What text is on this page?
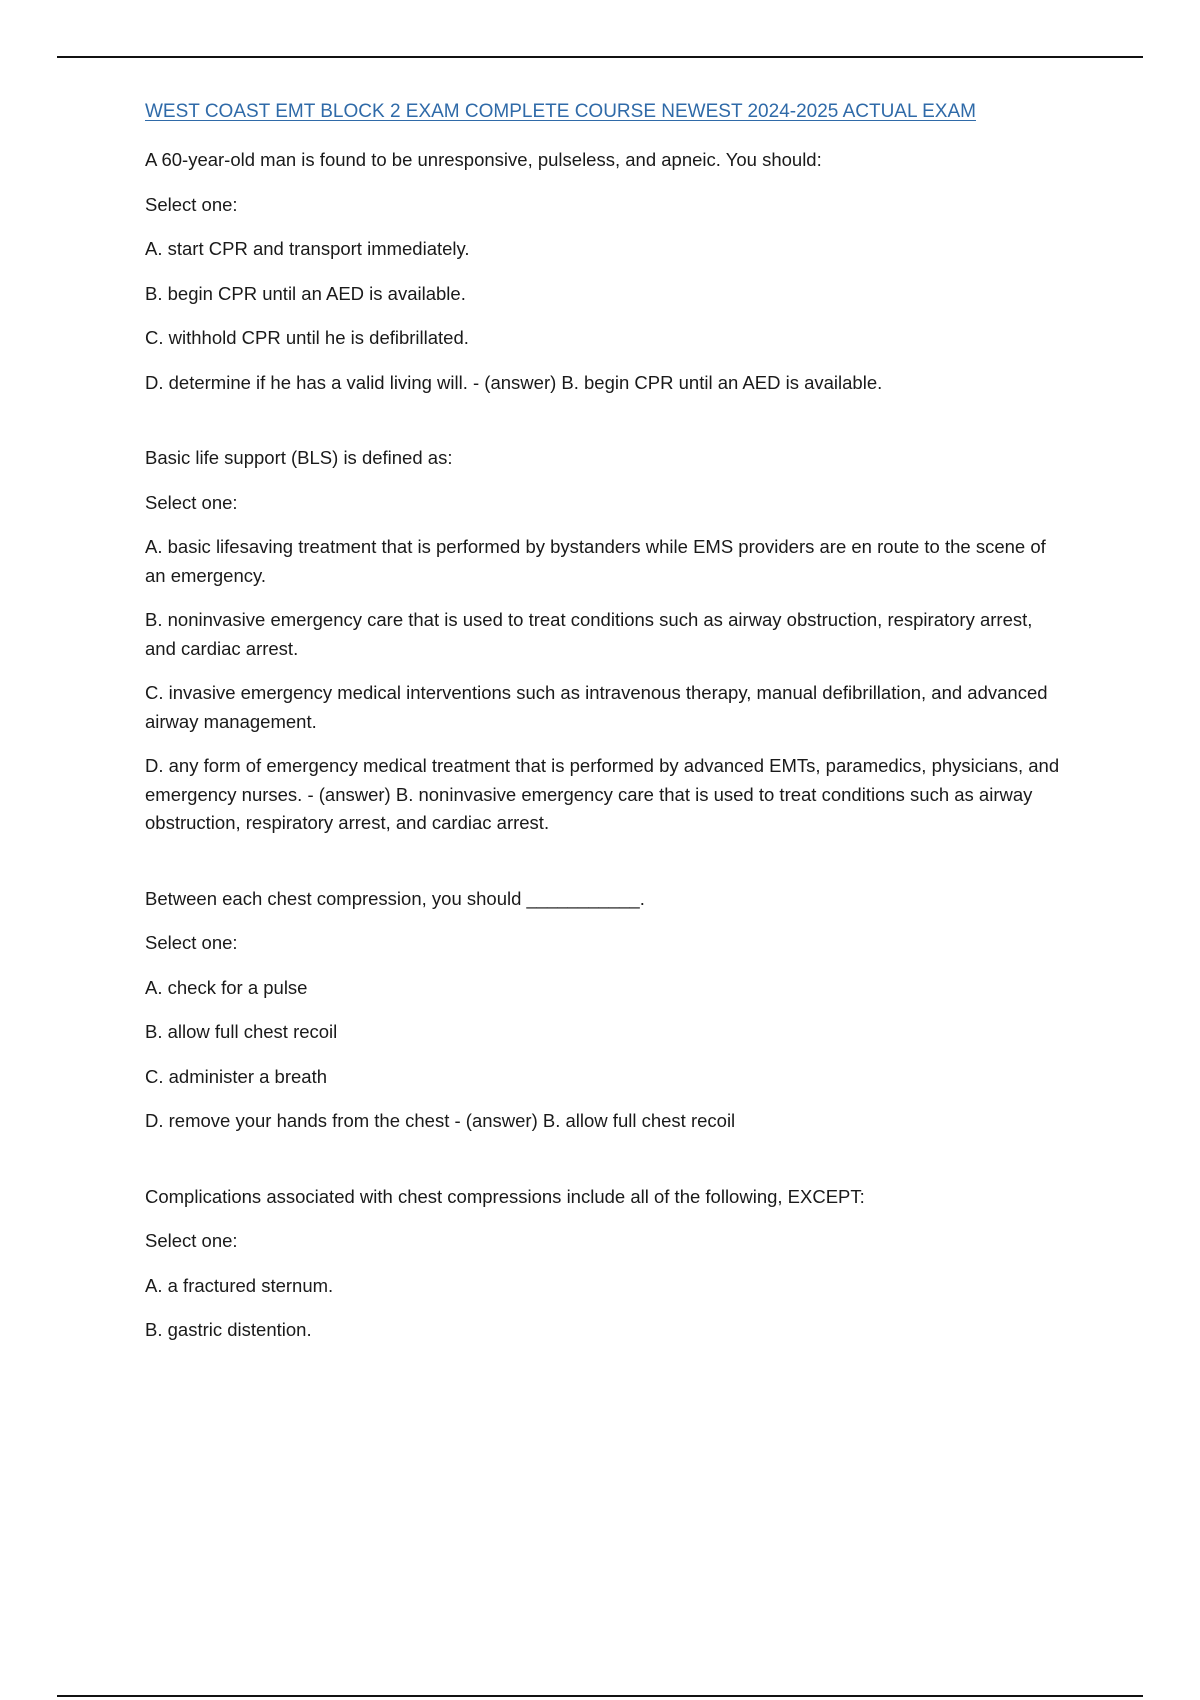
WEST COAST EMT BLOCK 2 EXAM COMPLETE COURSE NEWEST 2024-2025 ACTUAL EXAM

A 60-year-old man is found to be unresponsive, pulseless, and apneic. You should:

Select one:

A. start CPR and transport immediately.

B. begin CPR until an AED is available.

C. withhold CPR until he is defibrillated.

D. determine if he has a valid living will. - (answer) B. begin CPR until an AED is available.

Basic life support (BLS) is defined as:

Select one:

A. basic lifesaving treatment that is performed by bystanders while EMS providers are en route to the scene of an emergency.

B. noninvasive emergency care that is used to treat conditions such as airway obstruction, respiratory arrest, and cardiac arrest.

C. invasive emergency medical interventions such as intravenous therapy, manual defibrillation, and advanced airway management.

D. any form of emergency medical treatment that is performed by advanced EMTs, paramedics, physicians, and emergency nurses. - (answer) B. noninvasive emergency care that is used to treat conditions such as airway obstruction, respiratory arrest, and cardiac arrest.

Between each chest compression, you should ___________.

Select one:

A. check for a pulse

B. allow full chest recoil

C. administer a breath

D. remove your hands from the chest - (answer) B. allow full chest recoil

Complications associated with chest compressions include all of the following, EXCEPT:

Select one:

A. a fractured sternum.

B. gastric distention.
